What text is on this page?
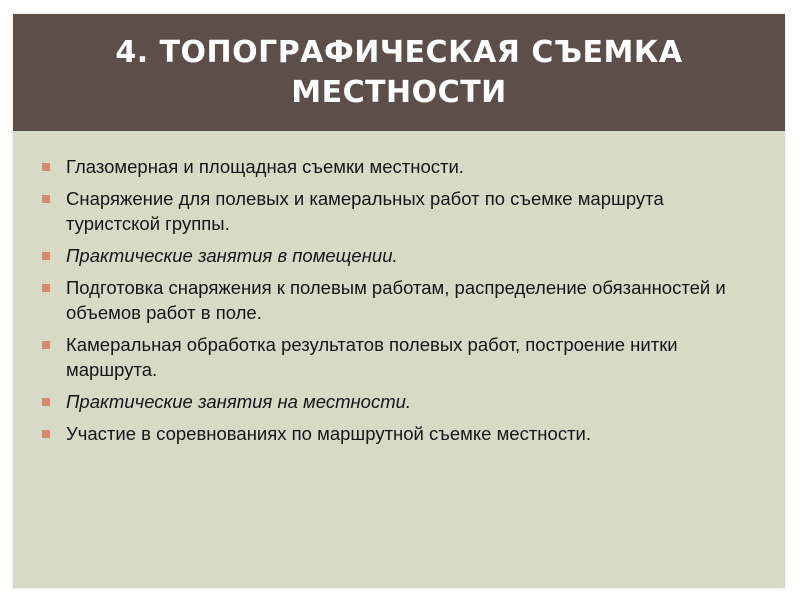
4. ТОПОГРАФИЧЕСКАЯ СЪЕМКА МЕСТНОСТИ
Глазомерная и площадная съемки местности.
Снаряжение для полевых и камеральных работ по съемке маршрута туристской группы.
Практические занятия в помещении.
Подготовка снаряжения к полевым работам, распределение обязанностей и объемов работ в поле.
Камеральная обработка результатов полевых работ, построение нитки маршрута.
Практические занятия на местности.
Участие в соревнованиях по маршрутной съемке местности.
